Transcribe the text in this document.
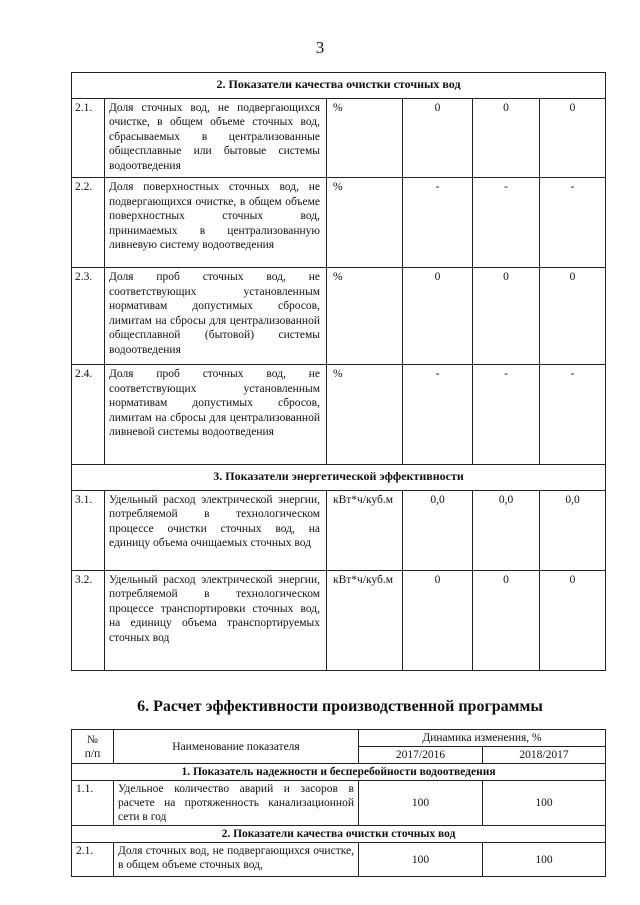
3
2. Показатели качества очистки сточных вод					
2.1.	Доля сточных вод, не подвергающихся очистке, в общем объеме сточных вод, сбрасываемых в централизованные общесплавные или бытовые системы водоотведения	%	0	0	0
2.2.	Доля поверхностных сточных вод, не подвергающихся очистке, в общем объеме поверхностных сточных вод, принимаемых в централизованную ливневую систему водоотведения	%	-	-	-
2.3.	Доля проб сточных вод, не соответствующих установленным нормативам допустимых сбросов, лимитам на сбросы для централизованной общесплавной (бытовой) системы водоотведения	%	0	0	0
2.4.	Доля проб сточных вод, не соответствующих установленным нормативам допустимых сбросов, лимитам на сбросы для централизованной ливневой системы водоотведения	%	-	-	-
3. Показатели энергетической эффективности					
3.1.	Удельный расход электрической энергии, потребляемой в технологическом процессе очистки сточных вод, на единицу объема очищаемых сточных вод	кВт*ч/куб.м	0,0	0,0	0,0
3.2.	Удельный расход электрической энергии, потребляемой в технологическом процессе транспортировки сточных вод, на единицу объема транспортируемых сточных вод	кВт*ч/куб.м	0	0	0
6. Расчет эффективности производственной программы
№
п/п	Наименование показателя	Динамика изменения, %	
		2017/2016	2018/2017
1. Показатель надежности и бесперебойности водоотведения			
1.1.	Удельное количество аварий и засоров в расчете на протяженность канализационной сети в год	100	100
2. Показатели качества очистки сточных вод			
2.1.	Доля сточных вод, не подвергающихся очистке, в общем объеме сточных вод,	100	100
